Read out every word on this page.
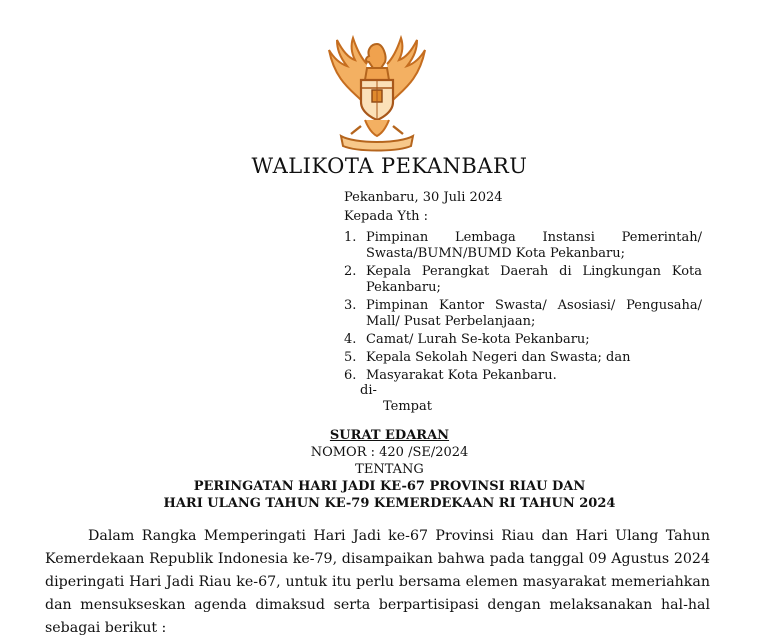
WALIKOTA PEKANBARU
Pekanbaru, 30 Juli 2024
Kepada Yth :
1. Pimpinan Lembaga Instansi Pemerintah/ Swasta/BUMN/BUMD Kota Pekanbaru;
2. Kepala Perangkat Daerah di Lingkungan Kota Pekanbaru;
3. Pimpinan Kantor Swasta/ Asosiasi/ Pengusaha/ Mall/ Pusat Perbelanjaan;
4. Camat/ Lurah Se-kota Pekanbaru;
5. Kepala Sekolah Negeri dan Swasta; dan
6. Masyarakat Kota Pekanbaru.
di-
Tempat
SURAT EDARAN
NOMOR : 420 /SE/2024
TENTANG
PERINGATAN HARI JADI KE-67 PROVINSI RIAU DAN
HARI ULANG TAHUN KE-79 KEMERDEKAAN RI TAHUN 2024
Dalam Rangka Memperingati Hari Jadi ke-67 Provinsi Riau dan Hari Ulang Tahun Kemerdekaan Republik Indonesia ke-79, disampaikan bahwa pada tanggal 09 Agustus 2024 diperingati Hari Jadi Riau ke-67, untuk itu perlu bersama elemen masyarakat memeriahkan dan mensukseskan agenda dimaksud serta berpartisipasi dengan melaksanakan hal-hal sebagai berikut :
